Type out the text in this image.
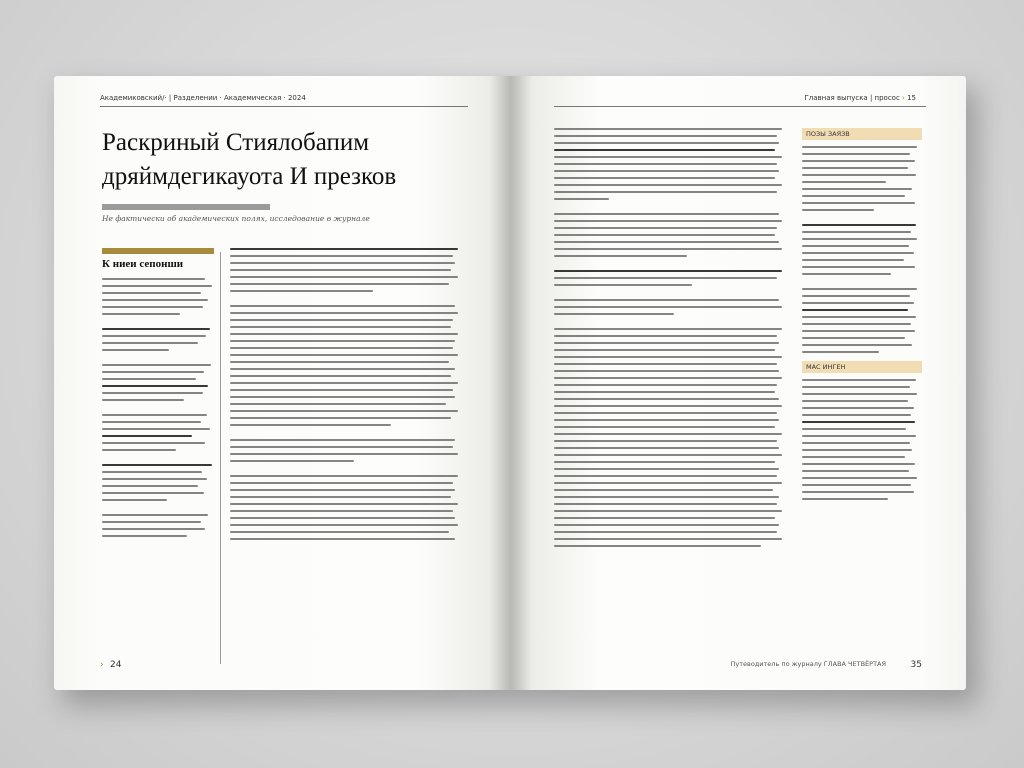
Академиковский/· | Разделении · Академическая · 2024
Раскриный Стиялобапим дряймдегикауота И презков
Не фактически об академических полях, исследование в журнале
К ниеи сепонши
› 24
Главная выпуска | просос › 15
ПОЗЫ ЗАЯЗВ
МАС ИНГЕН
Путеводитель по журналу ГЛАВА ЧЕТВЁРТАЯ	35
